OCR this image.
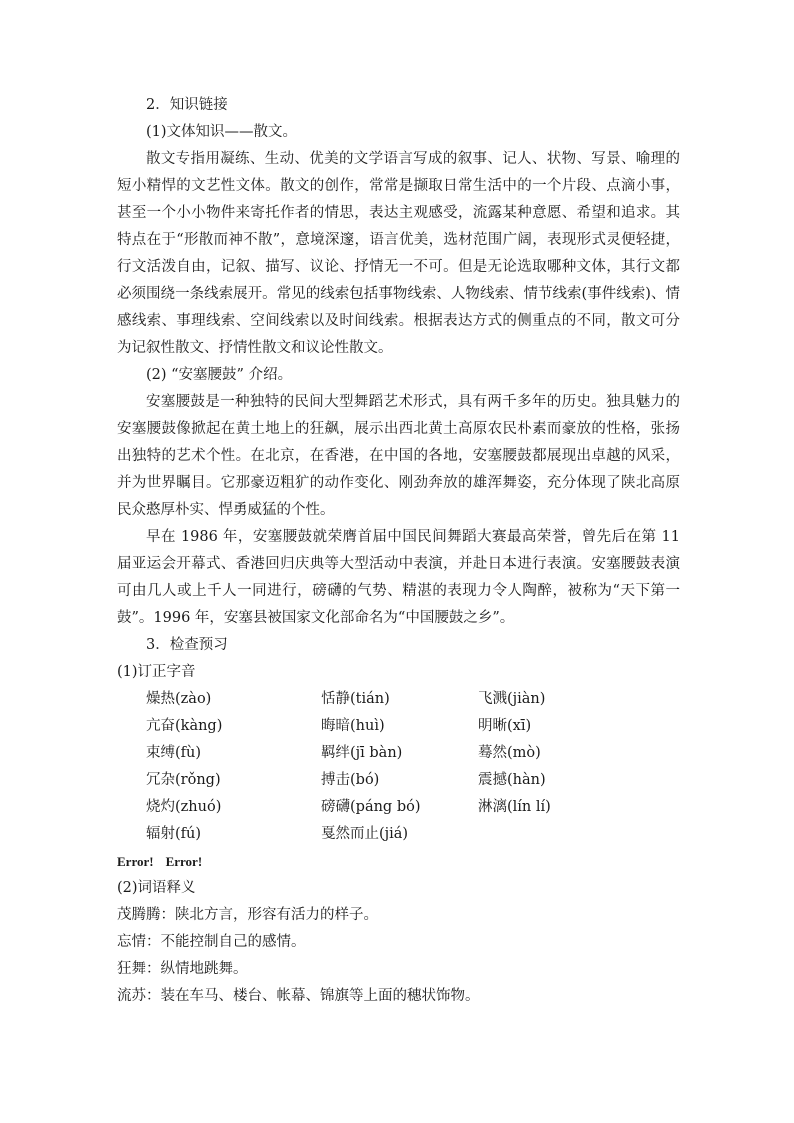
2．知识链接

(1)文体知识——散文。

散文专指用凝练、生动、优美的文学语言写成的叙事、记人、状物、写景、喻理的短小精悍的文艺性文体。散文的创作，常常是撷取日常生活中的一个片段、点滴小事，甚至一个小小物件来寄托作者的情思，表达主观感受，流露某种意愿、希望和追求。其特点在于“形散而神不散”，意境深邃，语言优美，选材范围广阔，表现形式灵便轻捷，行文活泼自由，记叙、描写、议论、抒情无一不可。但是无论选取哪种文体，其行文都必须围绕一条线索展开。常见的线索包括事物线索、人物线索、情节线索(事件线索)、情感线索、事理线索、空间线索以及时间线索。根据表达方式的侧重点的不同，散文可分为记叙性散文、抒情性散文和议论性散文。

(2) “安塞腰鼓” 介绍。

安塞腰鼓是一种独特的民间大型舞蹈艺术形式，具有两千多年的历史。独具魅力的安塞腰鼓像掀起在黄土地上的狂飙，展示出西北黄土高原农民朴素而豪放的性格，张扬出独特的艺术个性。在北京，在香港，在中国的各地，安塞腰鼓都展现出卓越的风采，并为世界瞩目。它那豪迈粗犷的动作变化、刚劲奔放的雄浑舞姿，充分体现了陕北高原民众憨厚朴实、悍勇威猛的个性。

早在 1986 年，安塞腰鼓就荣膺首届中国民间舞蹈大赛最高荣誉，曾先后在第 11 届亚运会开幕式、香港回归庆典等大型活动中表演，并赴日本进行表演。安塞腰鼓表演可由几人或上千人一同进行，磅礴的气势、精湛的表现力令人陶醉，被称为“天下第一鼓”。1996 年，安塞县被国家文化部命名为“中国腰鼓之乡”。

3．检查预习

(1)订正字音

燥热(zào)	恬静(tián)	飞溅(jiàn)
亢奋(kàng)	晦暗(huì)	明晰(xī)
束缚(fù)	羁绊(jī bàn)	蓦然(mò)
冗杂(rǒng)	搏击(bó)	震撼(hàn)
烧灼(zhuó)	磅礴(páng bó)	淋漓(lín lí)
辐射(fú)	戛然而止(jiá)

Error! Error!

(2)词语释义

茂腾腾：陕北方言，形容有活力的样子。

忘情：不能控制自己的感情。

狂舞：纵情地跳舞。

流苏：装在车马、楼台、帐幕、锦旗等上面的穗状饰物。
